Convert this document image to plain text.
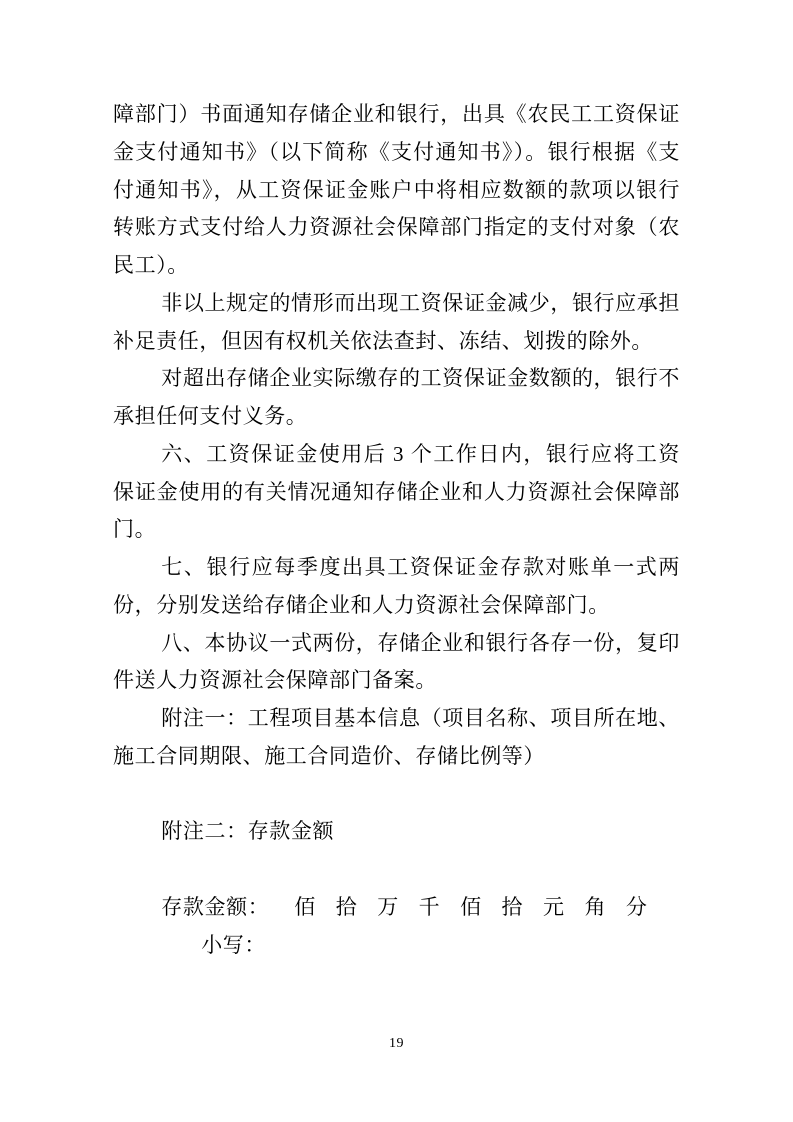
障部门）书面通知存储企业和银行，出具《农民工工资保证金支付通知书》（以下简称《支付通知书》）。银行根据《支付通知书》，从工资保证金账户中将相应数额的款项以银行转账方式支付给人力资源社会保障部门指定的支付对象（农民工）。

非以上规定的情形而出现工资保证金减少，银行应承担补足责任，但因有权机关依法查封、冻结、划拨的除外。

对超出存储企业实际缴存的工资保证金数额的，银行不承担任何支付义务。

六、工资保证金使用后 3 个工作日内，银行应将工资保证金使用的有关情况通知存储企业和人力资源社会保障部门。

七、银行应每季度出具工资保证金存款对账单一式两份，分别发送给存储企业和人力资源社会保障部门。

八、本协议一式两份，存储企业和银行各存一份，复印件送人力资源社会保障部门备案。

附注一：工程项目基本信息（项目名称、项目所在地、施工合同期限、施工合同造价、存储比例等）

附注二：存款金额

存款金额： 佰 拾 万 千 佰 拾 元 角 分

小写：

19
